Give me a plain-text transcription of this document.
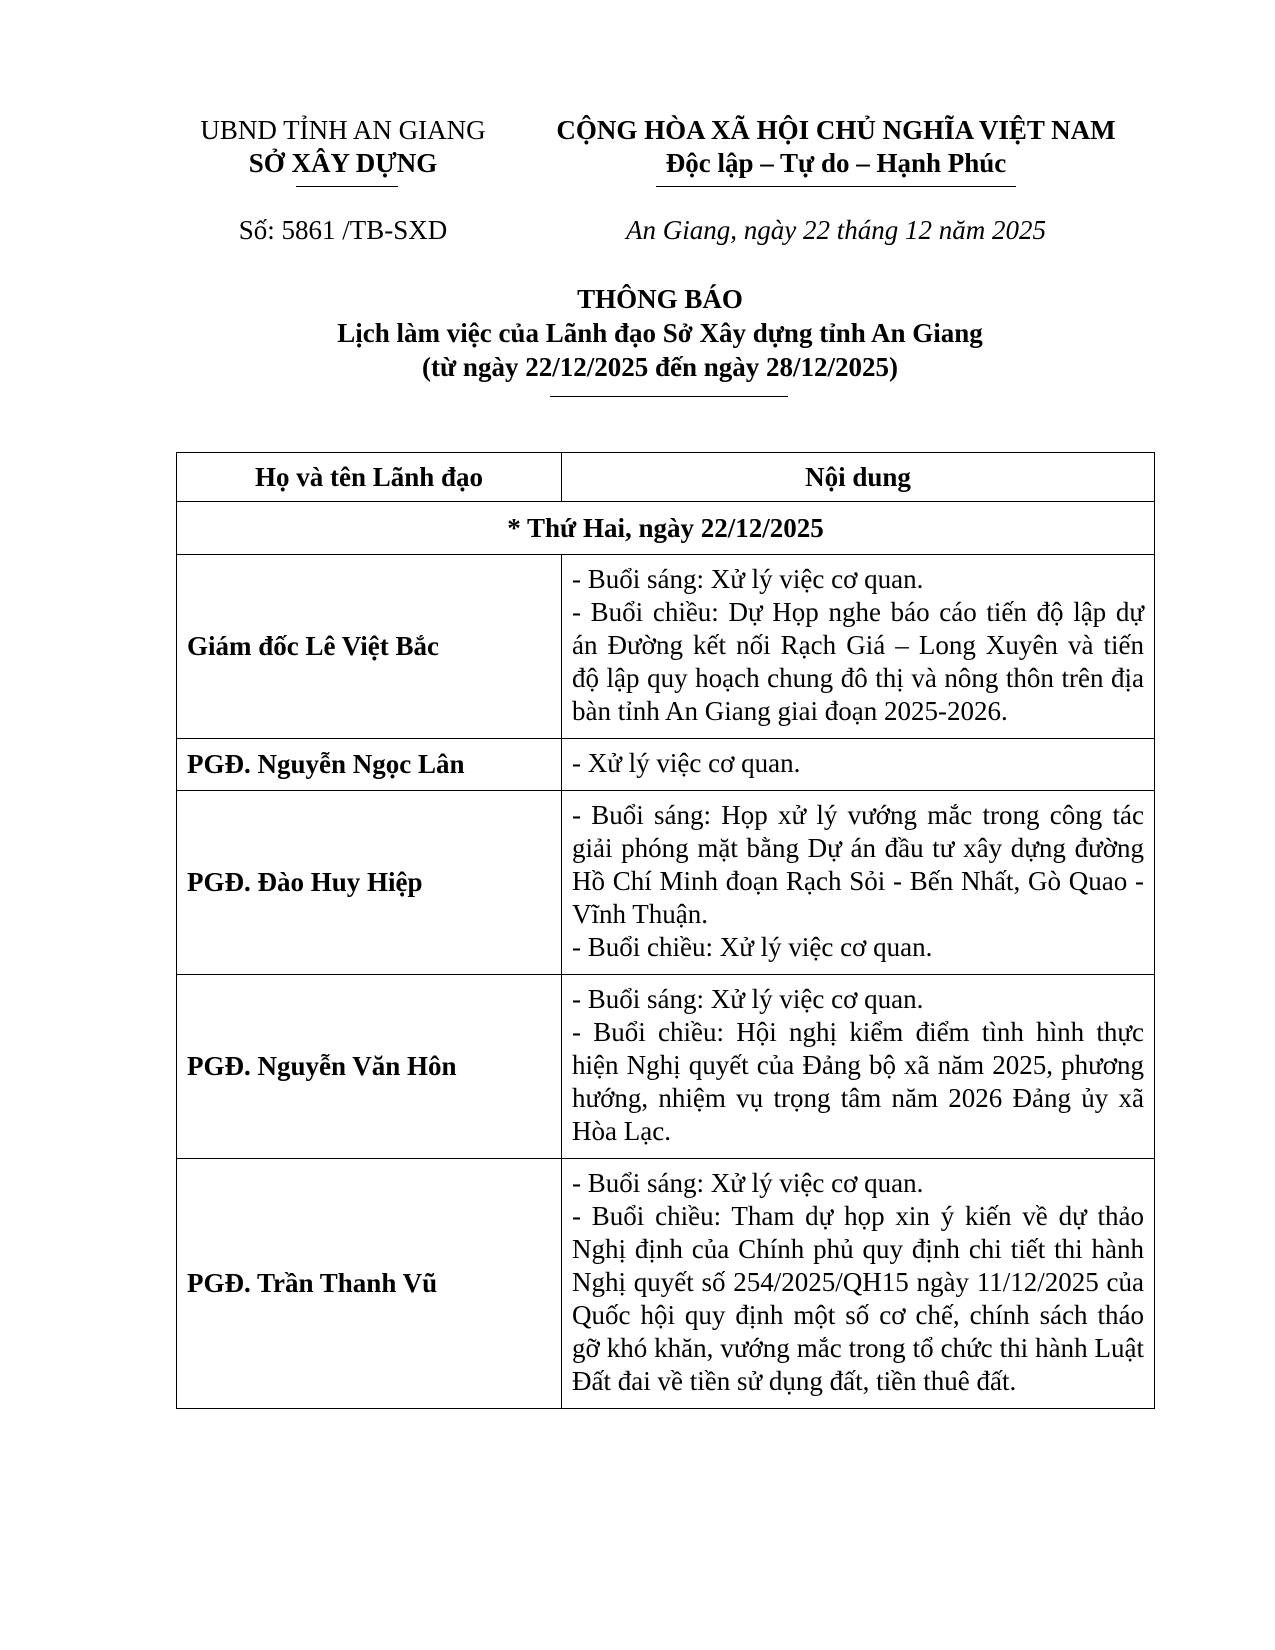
UBND TỈNH AN GIANG
SỞ XÂY DỰNG
CỘNG HÒA XÃ HỘI CHỦ NGHĨA VIỆT NAM
Độc lập – Tự do – Hạnh Phúc
Số: 5861 /TB-SXD	An Giang, ngày 22 tháng 12 năm 2025
THÔNG BÁO
Lịch làm việc của Lãnh đạo Sở Xây dựng tỉnh An Giang
(từ ngày 22/12/2025 đến ngày 28/12/2025)
Họ và tên Lãnh đạo	Nội dung
* Thứ Hai, ngày 22/12/2025	
Giám đốc Lê Việt Bắc	- Buổi sáng: Xử lý việc cơ quan.
- Buổi chiều: Dự Họp nghe báo cáo tiến độ lập dự án Đường kết nối Rạch Giá – Long Xuyên và tiến độ lập quy hoạch chung đô thị và nông thôn trên địa bàn tỉnh An Giang giai đoạn 2025-2026.

PGĐ. Nguyễn Ngọc Lân	- Xử lý việc cơ quan.

PGĐ. Đào Huy Hiệp	- Buổi sáng: Họp xử lý vướng mắc trong công tác giải phóng mặt bằng Dự án đầu tư xây dựng đường Hồ Chí Minh đoạn Rạch Sỏi - Bến Nhất, Gò Quao - Vĩnh Thuận.
- Buổi chiều: Xử lý việc cơ quan.

PGĐ. Nguyễn Văn Hôn	- Buổi sáng: Xử lý việc cơ quan.
- Buổi chiều: Hội nghị kiểm điểm tình hình thực hiện Nghị quyết của Đảng bộ xã năm 2025, phương hướng, nhiệm vụ trọng tâm năm 2026 Đảng ủy xã Hòa Lạc.

PGĐ. Trần Thanh Vũ	- Buổi sáng: Xử lý việc cơ quan.
- Buổi chiều: Tham dự họp xin ý kiến về dự thảo Nghị định của Chính phủ quy định chi tiết thi hành Nghị quyết số 254/2025/QH15 ngày 11/12/2025 của Quốc hội quy định một số cơ chế, chính sách tháo gỡ khó khăn, vướng mắc trong tổ chức thi hành Luật Đất đai về tiền sử dụng đất, tiền thuê đất.
